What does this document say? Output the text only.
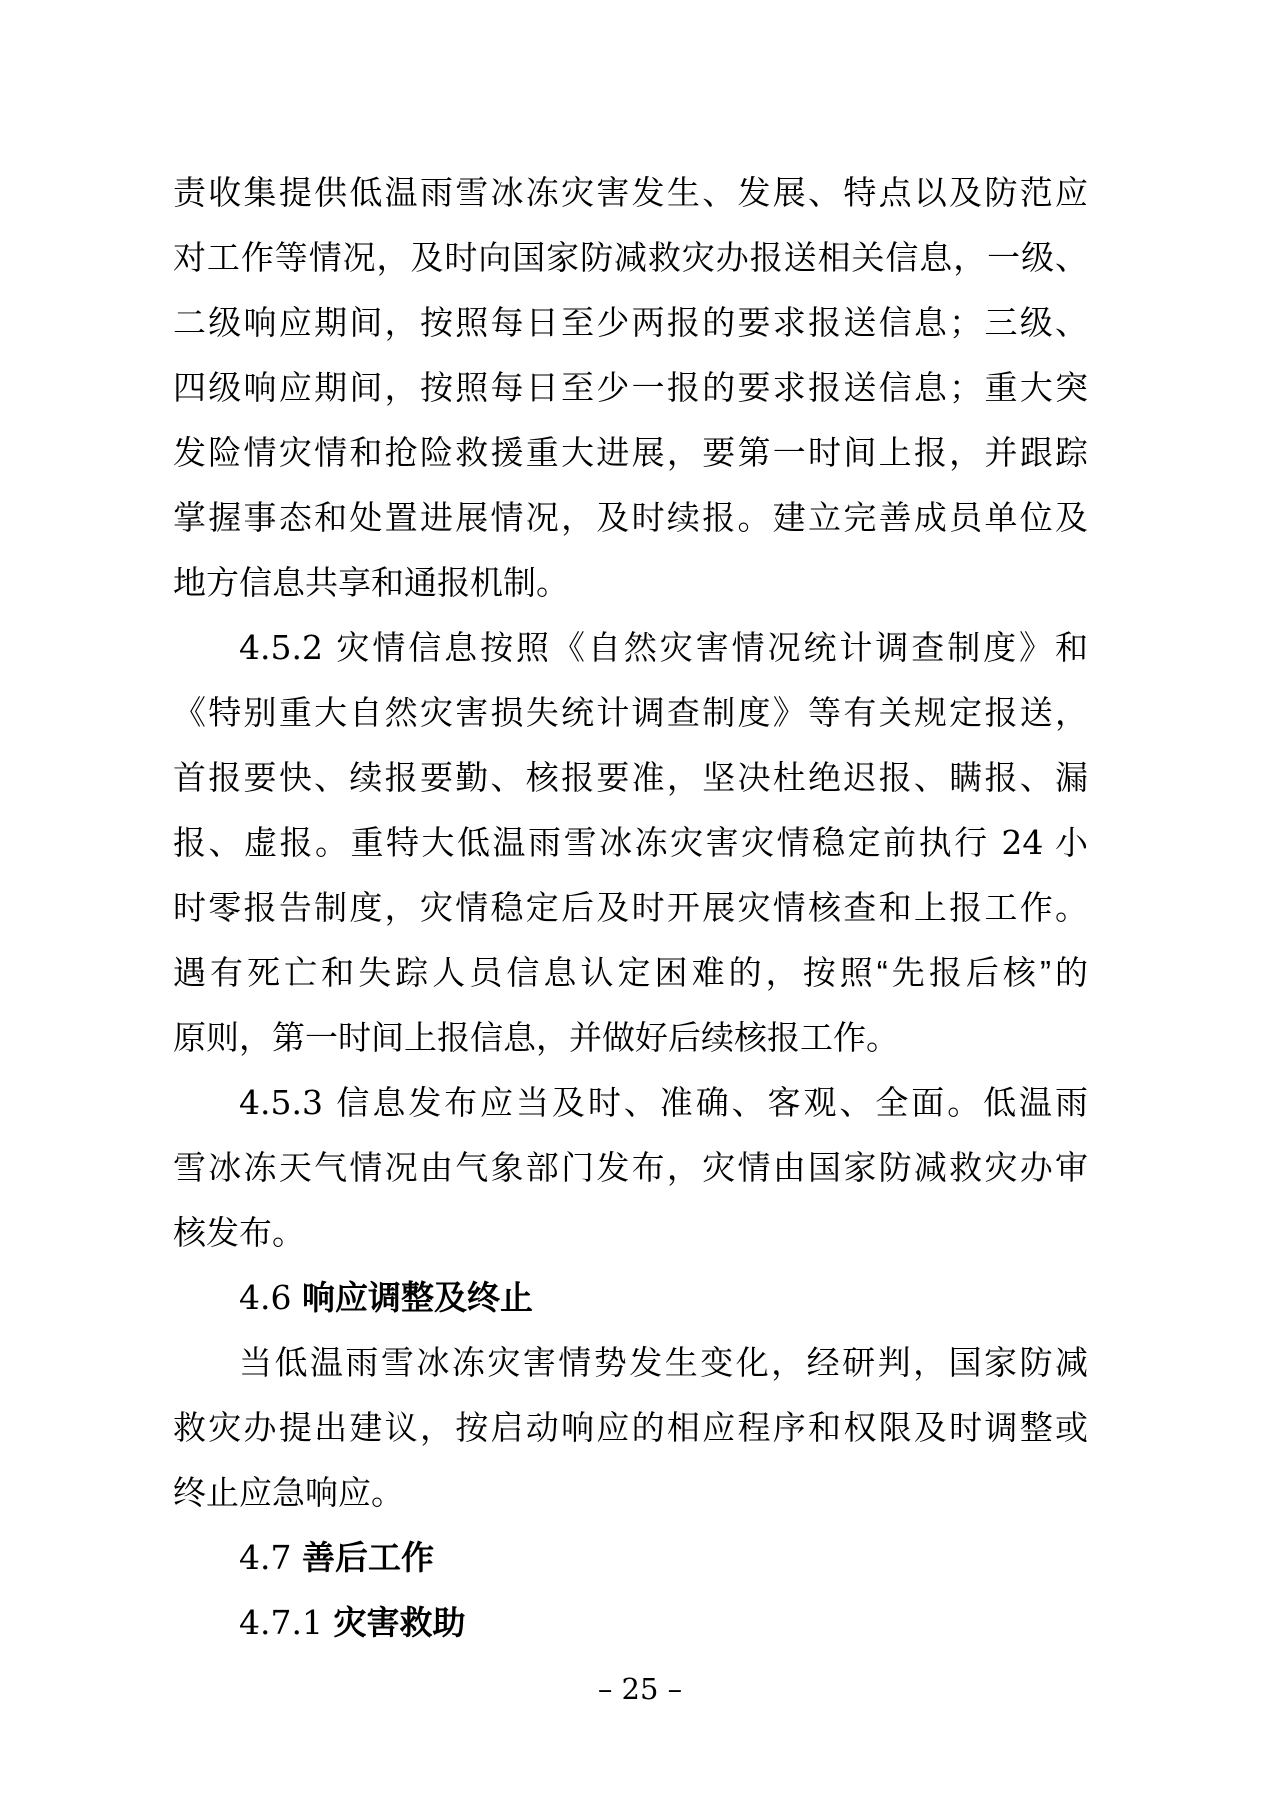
责收集提供低温雨雪冰冻灾害发生、发展、特点以及防范应
对工作等情况，及时向国家防减救灾办报送相关信息，一级、
二级响应期间，按照每日至少两报的要求报送信息；三级、
四级响应期间，按照每日至少一报的要求报送信息；重大突
发险情灾情和抢险救援重大进展，要第一时间上报，并跟踪
掌握事态和处置进展情况，及时续报。建立完善成员单位及
地方信息共享和通报机制。
4.5.2 灾情信息按照《自然灾害情况统计调查制度》和
《特别重大自然灾害损失统计调查制度》等有关规定报送，
首报要快、续报要勤、核报要准，坚决杜绝迟报、瞒报、漏
报、虚报。重特大低温雨雪冰冻灾害灾情稳定前执行 24 小
时零报告制度，灾情稳定后及时开展灾情核查和上报工作。
遇有死亡和失踪人员信息认定困难的，按照“先报后核”的
原则，第一时间上报信息，并做好后续核报工作。
4.5.3 信息发布应当及时、准确、客观、全面。低温雨
雪冰冻天气情况由气象部门发布，灾情由国家防减救灾办审
核发布。
4.6 响应调整及终止
当低温雨雪冰冻灾害情势发生变化，经研判，国家防减
救灾办提出建议，按启动响应的相应程序和权限及时调整或
终止应急响应。
4.7 善后工作
4.7.1 灾害救助
– 25 –
